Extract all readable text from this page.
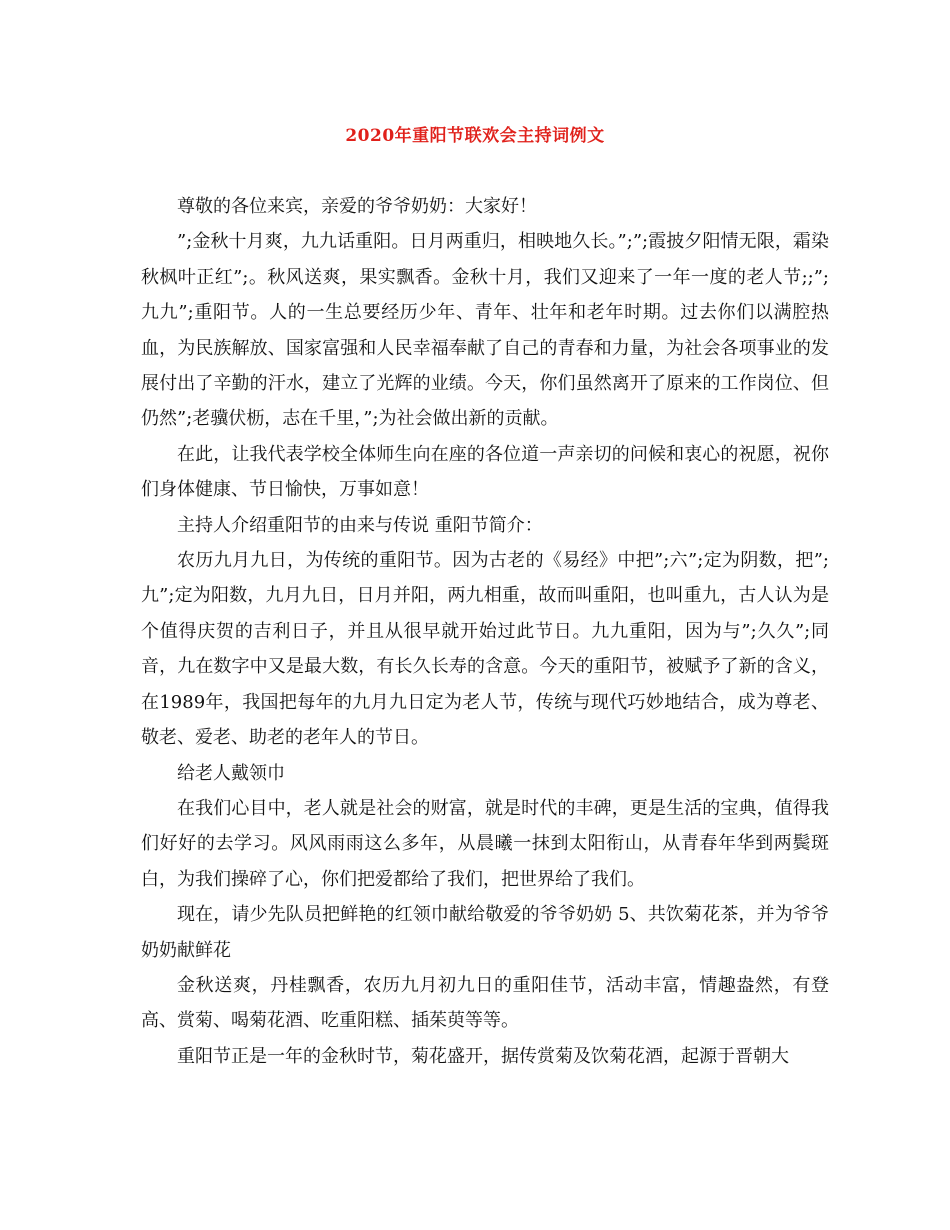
2020年重阳节联欢会主持词例文

尊敬的各位来宾，亲爱的爷爷奶奶：大家好！

”;金秋十月爽，九九话重阳。日月两重归，相映地久长。”;”;霞披夕阳情无限，霜染秋枫叶正红”;。秋风送爽，果实飘香。金秋十月，我们又迎来了一年一度的老人节;;”;九九”;重阳节。人的一生总要经历少年、青年、壮年和老年时期。过去你们以满腔热血，为民族解放、国家富强和人民幸福奉献了自己的青春和力量，为社会各项事业的发展付出了辛勤的汗水，建立了光辉的业绩。今天，你们虽然离开了原来的工作岗位、但仍然”;老骥伏枥，志在千里，”;为社会做出新的贡献。

在此，让我代表学校全体师生向在座的各位道一声亲切的问候和衷心的祝愿，祝你们身体健康、节日愉快，万事如意！

主持人介绍重阳节的由来与传说 重阳节简介：

农历九月九日，为传统的重阳节。因为古老的《易经》中把”;六”;定为阴数，把”;九”;定为阳数，九月九日，日月并阳，两九相重，故而叫重阳，也叫重九，古人认为是个值得庆贺的吉利日子，并且从很早就开始过此节日。九九重阳，因为与”;久久”;同音，九在数字中又是最大数，有长久长寿的含意。今天的重阳节，被赋予了新的含义，在1989年，我国把每年的九月九日定为老人节，传统与现代巧妙地结合，成为尊老、敬老、爱老、助老的老年人的节日。

给老人戴领巾

在我们心目中，老人就是社会的财富，就是时代的丰碑，更是生活的宝典，值得我们好好的去学习。风风雨雨这么多年，从晨曦一抹到太阳衔山，从青春年华到两鬓斑白，为我们操碎了心，你们把爱都给了我们，把世界给了我们。

现在，请少先队员把鲜艳的红领巾献给敬爱的爷爷奶奶 5、共饮菊花茶，并为爷爷奶奶献鲜花

金秋送爽，丹桂飘香，农历九月初九日的重阳佳节，活动丰富，情趣盎然，有登高、赏菊、喝菊花酒、吃重阳糕、插茱萸等等。

重阳节正是一年的金秋时节，菊花盛开，据传赏菊及饮菊花酒，起源于晋朝大
